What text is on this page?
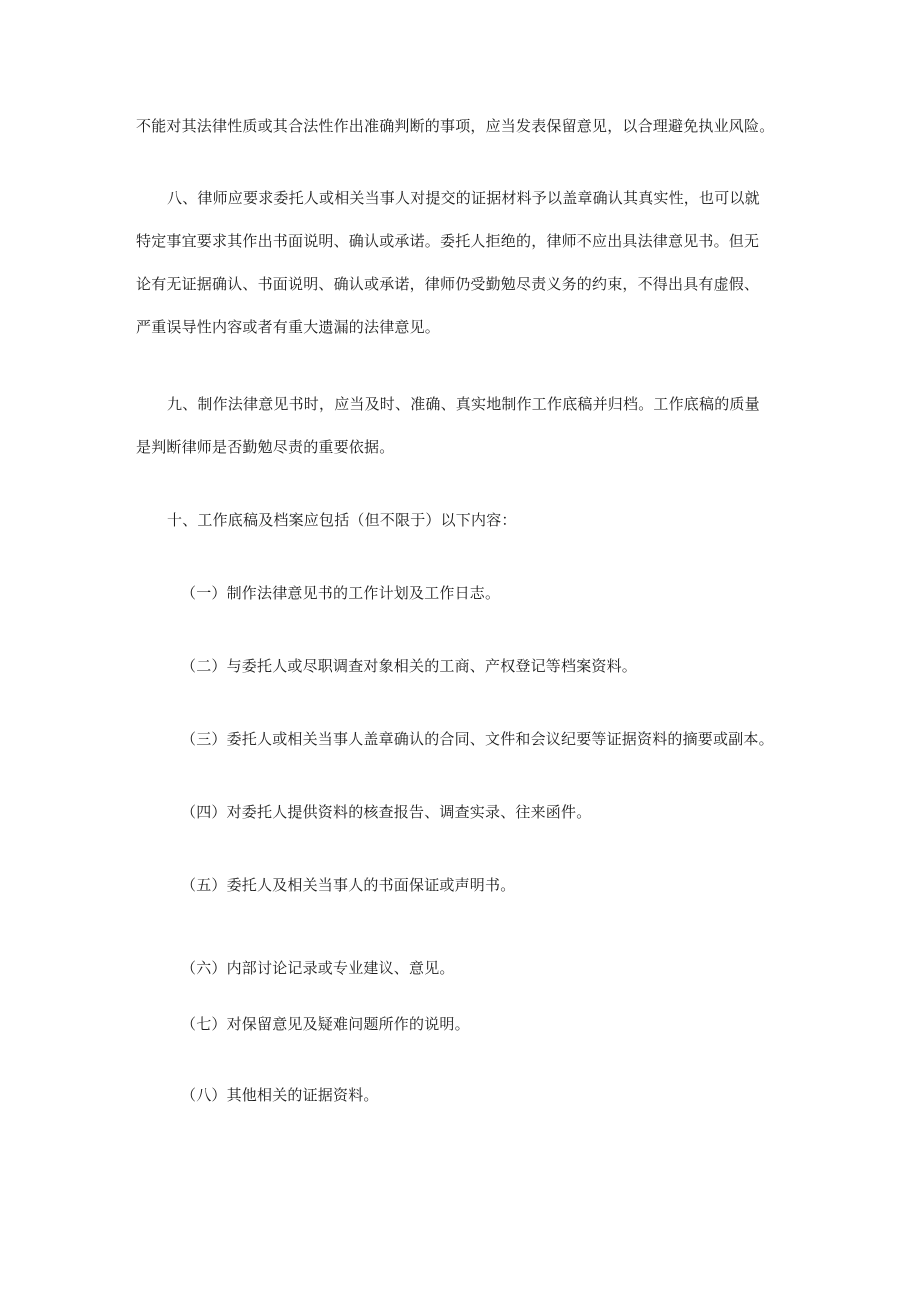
不能对其法律性质或其合法性作出准确判断的事项，应当发表保留意见，以合理避免执业风险。
八、律师应要求委托人或相关当事人对提交的证据材料予以盖章确认其真实性，也可以就
特定事宜要求其作出书面说明、确认或承诺。委托人拒绝的，律师不应出具法律意见书。但无
论有无证据确认、书面说明、确认或承诺，律师仍受勤勉尽责义务的约束，不得出具有虚假、
严重误导性内容或者有重大遗漏的法律意见。
九、制作法律意见书时，应当及时、准确、真实地制作工作底稿并归档。工作底稿的质量
是判断律师是否勤勉尽责的重要依据。
十、工作底稿及档案应包括（但不限于）以下内容：
（一）制作法律意见书的工作计划及工作日志。
（二）与委托人或尽职调查对象相关的工商、产权登记等档案资料。
（三）委托人或相关当事人盖章确认的合同、文件和会议纪要等证据资料的摘要或副本。
（四）对委托人提供资料的核查报告、调查实录、往来函件。
（五）委托人及相关当事人的书面保证或声明书。
（六）内部讨论记录或专业建议、意见。
（七）对保留意见及疑难问题所作的说明。
（八）其他相关的证据资料。
